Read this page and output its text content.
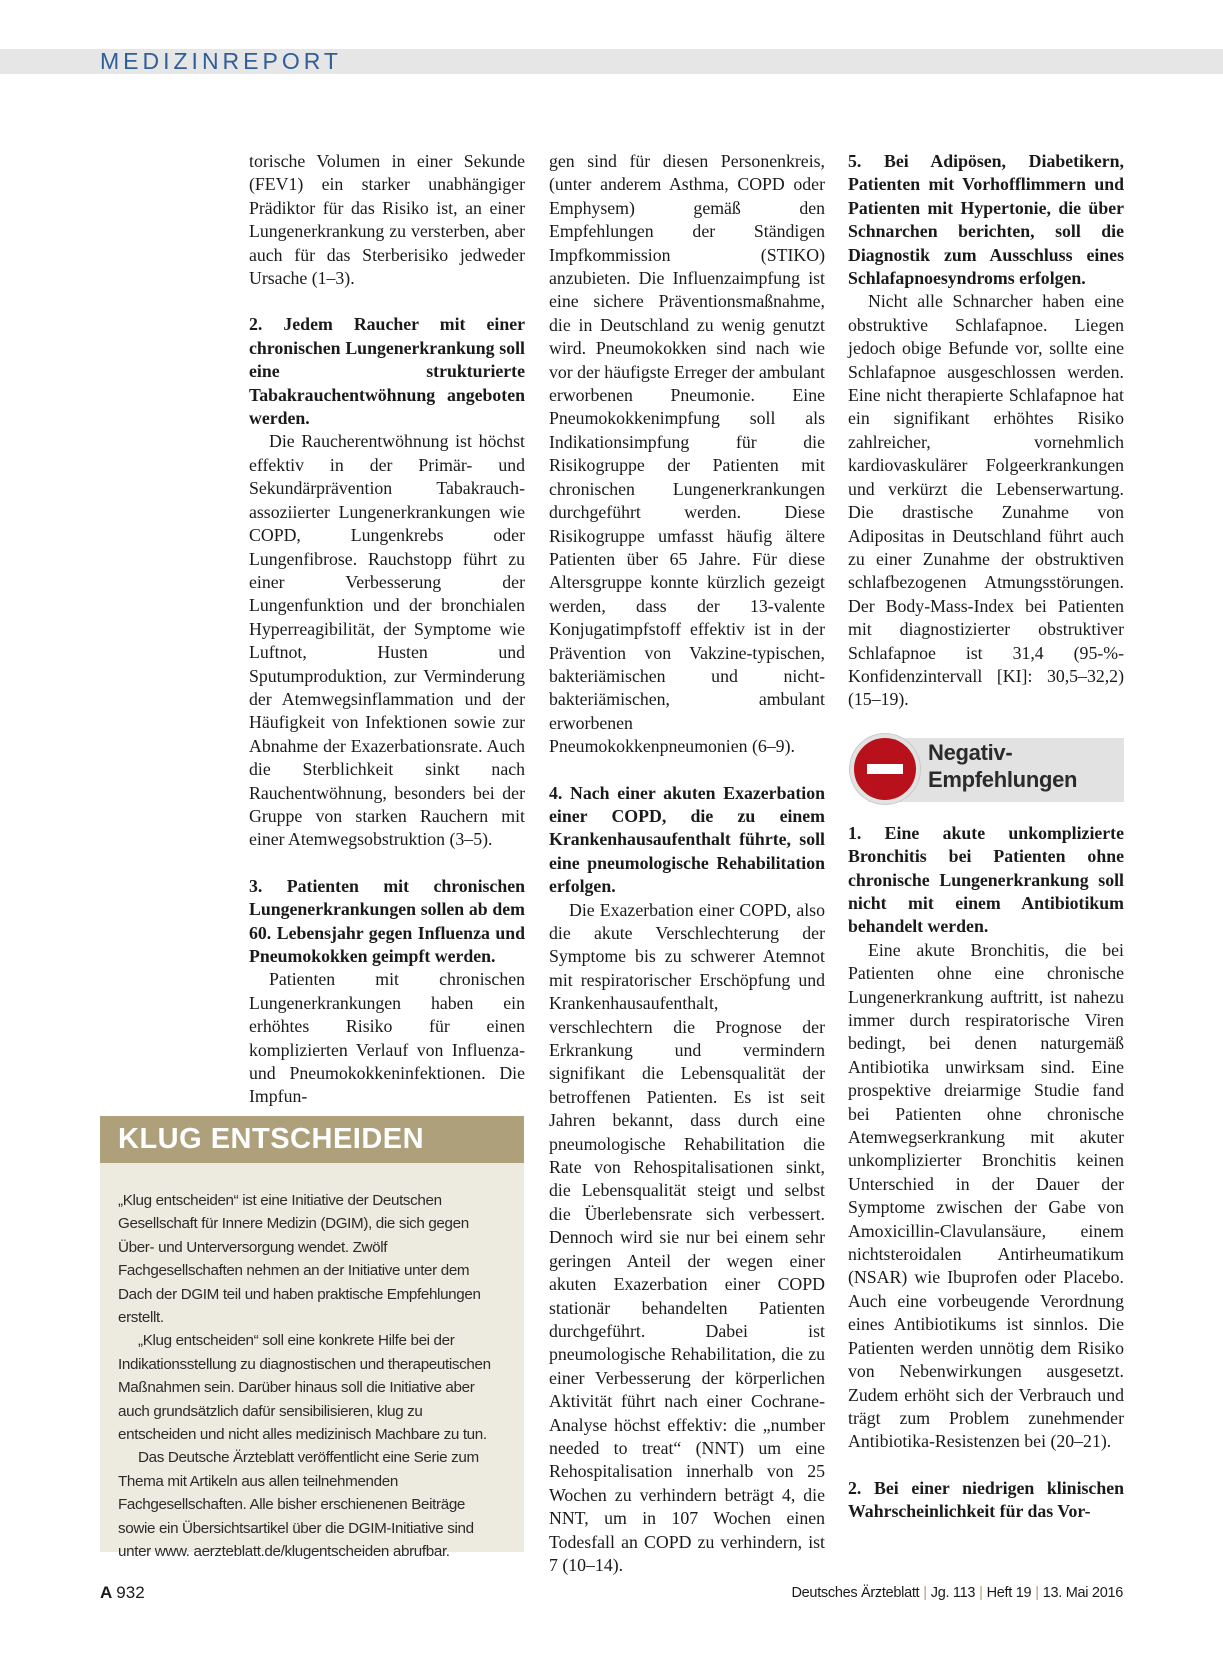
MEDIZINREPORT

torische Volumen in einer Sekunde (FEV1) ein starker unabhängiger Prädiktor für das Risiko ist, an einer Lungenerkrankung zu versterben, aber auch für das Sterberisiko jedweder Ursache (1–3).

2. Jedem Raucher mit einer chronischen Lungenerkrankung soll eine strukturierte Tabakrauchentwöhnung angeboten werden.

Die Raucherentwöhnung ist höchst effektiv in der Primär- und Sekundärprävention Tabakrauch-assoziierter Lungenerkrankungen wie COPD, Lungenkrebs oder Lungenfibrose. Rauchstopp führt zu einer Verbesserung der Lungenfunktion und der bronchialen Hyperreagibilität, der Symptome wie Luftnot, Husten und Sputumproduktion, zur Verminderung der Atemwegsinflammation und der Häufigkeit von Infektionen sowie zur Abnahme der Exazerbationsrate. Auch die Sterblichkeit sinkt nach Rauchentwöhnung, besonders bei der Gruppe von starken Rauchern mit einer Atemwegsobstruktion (3–5).

3. Patienten mit chronischen Lungenerkrankungen sollen ab dem 60. Lebensjahr gegen Influenza und Pneumokokken geimpft werden.

Patienten mit chronischen Lungenerkrankungen haben ein erhöhtes Risiko für einen komplizierten Verlauf von Influenza- und Pneumokokkeninfektionen. Die Impfun-

gen sind für diesen Personenkreis, (unter anderem Asthma, COPD oder Emphysem) gemäß den Empfehlungen der Ständigen Impfkommission (STIKO) anzubieten. Die Influenzaimpfung ist eine sichere Präventionsmaßnahme, die in Deutschland zu wenig genutzt wird. Pneumokokken sind nach wie vor der häufigste Erreger der ambulant erworbenen Pneumonie. Eine Pneumokokkenimpfung soll als Indikationsimpfung für die Risikogruppe der Patienten mit chronischen Lungenerkrankungen durchgeführt werden. Diese Risikogruppe umfasst häufig ältere Patienten über 65 Jahre. Für diese Altersgruppe konnte kürzlich gezeigt werden, dass der 13-valente Konjugatimpfstoff effektiv ist in der Prävention von Vakzine-typischen, bakteriämischen und nicht-bakteriämischen, ambulant erworbenen Pneumokokkenpneumonien (6–9).

4. Nach einer akuten Exazerbation einer COPD, die zu einem Krankenhausaufenthalt führte, soll eine pneumologische Rehabilitation erfolgen.

Die Exazerbation einer COPD, also die akute Verschlechterung der Symptome bis zu schwerer Atemnot mit respiratorischer Erschöpfung und Krankenhausaufenthalt, verschlechtern die Prognose der Erkrankung und vermindern signifikant die Lebensqualität der betroffenen Patienten. Es ist seit Jahren bekannt, dass durch eine pneumologische Rehabilitation die Rate von Rehospitalisationen sinkt, die Lebensqualität steigt und selbst die Überlebensrate sich verbessert. Dennoch wird sie nur bei einem sehr geringen Anteil der wegen einer akuten Exazerbation einer COPD stationär behandelten Patienten durchgeführt. Dabei ist pneumologische Rehabilitation, die zu einer Verbesserung der körperlichen Aktivität führt nach einer Cochrane-Analyse höchst effektiv: die „number needed to treat“ (NNT) um eine Rehospitalisation innerhalb von 25 Wochen zu verhindern beträgt 4, die NNT, um in 107 Wochen einen Todesfall an COPD zu verhindern, ist 7 (10–14).

5. Bei Adipösen, Diabetikern, Patienten mit Vorhofflimmern und Patienten mit Hypertonie, die über Schnarchen berichten, soll die Diagnostik zum Ausschluss eines Schlafapnoesyndroms erfolgen.

Nicht alle Schnarcher haben eine obstruktive Schlafapnoe. Liegen jedoch obige Befunde vor, sollte eine Schlafapnoe ausgeschlossen werden. Eine nicht therapierte Schlafapnoe hat ein signifikant erhöhtes Risiko zahlreicher, vornehmlich kardiovaskulärer Folgeerkrankungen und verkürzt die Lebenserwartung. Die drastische Zunahme von Adipositas in Deutschland führt auch zu einer Zunahme der obstruktiven schlafbezogenen Atmungsstörungen. Der Body-Mass-Index bei Patienten mit diagnostizierter obstruktiver Schlafapnoe ist 31,4 (95-%-Konfidenzintervall [KI]: 30,5–32,2) (15–19).

Negativ-
Empfehlungen

1. Eine akute unkomplizierte Bronchitis bei Patienten ohne chronische Lungenerkrankung soll nicht mit einem Antibiotikum behandelt werden.

Eine akute Bronchitis, die bei Patienten ohne eine chronische Lungenerkrankung auftritt, ist nahezu immer durch respiratorische Viren bedingt, bei denen naturgemäß Antibiotika unwirksam sind. Eine prospektive dreiarmige Studie fand bei Patienten ohne chronische Atemwegserkrankung mit akuter unkomplizierter Bronchitis keinen Unterschied in der Dauer der Symptome zwischen der Gabe von Amoxicillin-Clavulansäure, einem nichtsteroidalen Antirheumatikum (NSAR) wie Ibuprofen oder Placebo. Auch eine vorbeugende Verordnung eines Antibiotikums ist sinnlos. Die Patienten werden unnötig dem Risiko von Nebenwirkungen ausgesetzt. Zudem erhöht sich der Verbrauch und trägt zum Problem zunehmender Antibiotika-Resistenzen bei (20–21).

2. Bei einer niedrigen klinischen Wahrscheinlichkeit für das Vor-

KLUG ENTSCHEIDEN

„Klug entscheiden“ ist eine Initiative der Deutschen Gesellschaft für Innere Medizin (DGIM), die sich gegen Über- und Unterversorgung wendet. Zwölf Fachgesellschaften nehmen an der Initiative unter dem Dach der DGIM teil und haben praktische Empfehlungen erstellt.

„Klug entscheiden“ soll eine konkrete Hilfe bei der Indikationsstellung zu diagnostischen und therapeutischen Maßnahmen sein. Darüber hinaus soll die Initiative aber auch grundsätzlich dafür sensibilisieren, klug zu entscheiden und nicht alles medizinisch Machbare zu tun.

Das Deutsche Ärzteblatt veröffentlicht eine Serie zum Thema mit Artikeln aus allen teilnehmenden Fachgesellschaften. Alle bisher erschienenen Beiträge sowie ein Übersichtsartikel über die DGIM-Initiative sind unter www. aerzteblatt.de/klugentscheiden abrufbar.

A 932	Deutsches Ärzteblatt | Jg. 113 | Heft 19 | 13. Mai 2016
